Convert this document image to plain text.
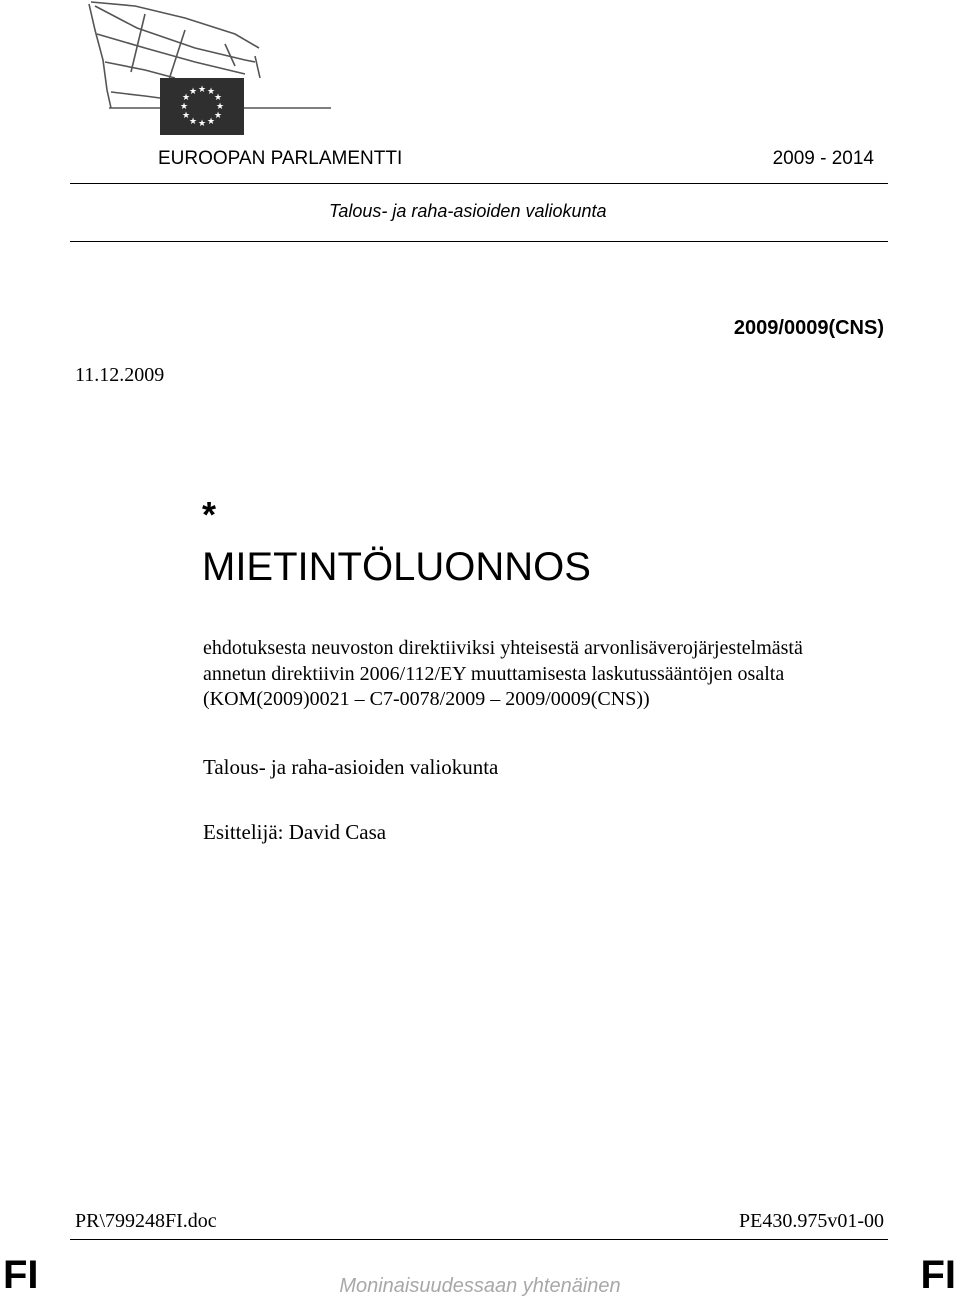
★ ★
★
★
★
★
★
★
★
★
★
★
EUROOPAN PARLAMENTTI	2009 - 2014
Talous- ja raha-asioiden valiokunta
2009/0009(CNS)
11.12.2009
*
MIETINTÖLUONNOS
ehdotuksesta neuvoston direktiiviksi yhteisestä arvonlisäverojärjestelmästä annetun direktiivin 2006/112/EY muuttamisesta laskutussääntöjen osalta (KOM(2009)0021 – C7-0078/2009 – 2009/0009(CNS))
Talous- ja raha-asioiden valiokunta
Esittelijä: David Casa
PR\799248FI.doc	PE430.975v01-00
FI	FI
Moninaisuudessaan yhtenäinen
